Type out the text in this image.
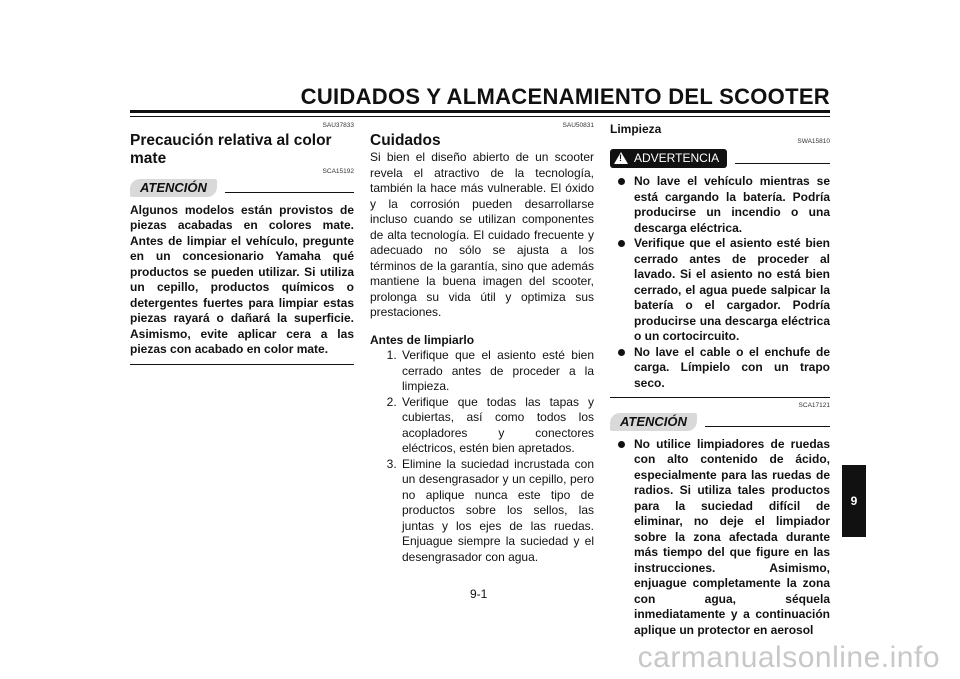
CUIDADOS Y ALMACENAMIENTO DEL SCOOTER

SAU37833

Precaución relativa al color mate

SCA15192

ATENCIÓN

Algunos modelos están provistos de piezas acabadas en colores mate. Antes de limpiar el vehículo, pregunte en un concesionario Yamaha qué productos se pueden utilizar. Si utiliza un cepillo, productos químicos o detergentes fuertes para limpiar estas piezas rayará o dañará la superficie. Asimismo, evite aplicar cera a las piezas con acabado en color mate.

SAU50831

Cuidados

Si bien el diseño abierto de un scooter revela el atractivo de la tecnología, también la hace más vulnerable. El óxido y la corrosión pueden desarrollarse incluso cuando se utilizan componentes de alta tecnología. El cuidado frecuente y adecuado no sólo se ajusta a los términos de la garantía, sino que además mantiene la buena imagen del scooter, prolonga su vida útil y optimiza sus prestaciones.

Antes de limpiarlo

1. Verifique que el asiento esté bien cerrado antes de proceder a la limpieza.
2. Verifique que todas las tapas y cubiertas, así como todos los acopladores y conectores eléctricos, estén bien apretados.
3. Elimine la suciedad incrustada con un desengrasador y un cepillo, pero no aplique nunca este tipo de productos sobre los sellos, las juntas y los ejes de las ruedas. Enjuague siempre la suciedad y el desengrasador con agua.

Limpieza

SWA15810

! ADVERTENCIA
No lave el vehículo mientras se está cargando la batería. Podría producirse un incendio o una descarga eléctrica.
Verifique que el asiento esté bien cerrado antes de proceder al lavado. Si el asiento no está bien cerrado, el agua puede salpicar la batería o el cargador. Podría producirse una descarga eléctrica o un cortocircuito.
No lave el cable o el enchufe de carga. Límpielo con un trapo seco.

SCA17121

ATENCIÓN
No utilice limpiadores de ruedas con alto contenido de ácido, especialmente para las ruedas de radios. Si utiliza tales productos para la suciedad difícil de eliminar, no deje el limpiador sobre la zona afectada durante más tiempo del que figure en las instrucciones. Asimismo, enjuague completamente la zona con agua, séquela inmediatamente y a continuación aplique un protector en aerosol
9
9-1
carmanualsonline.info
